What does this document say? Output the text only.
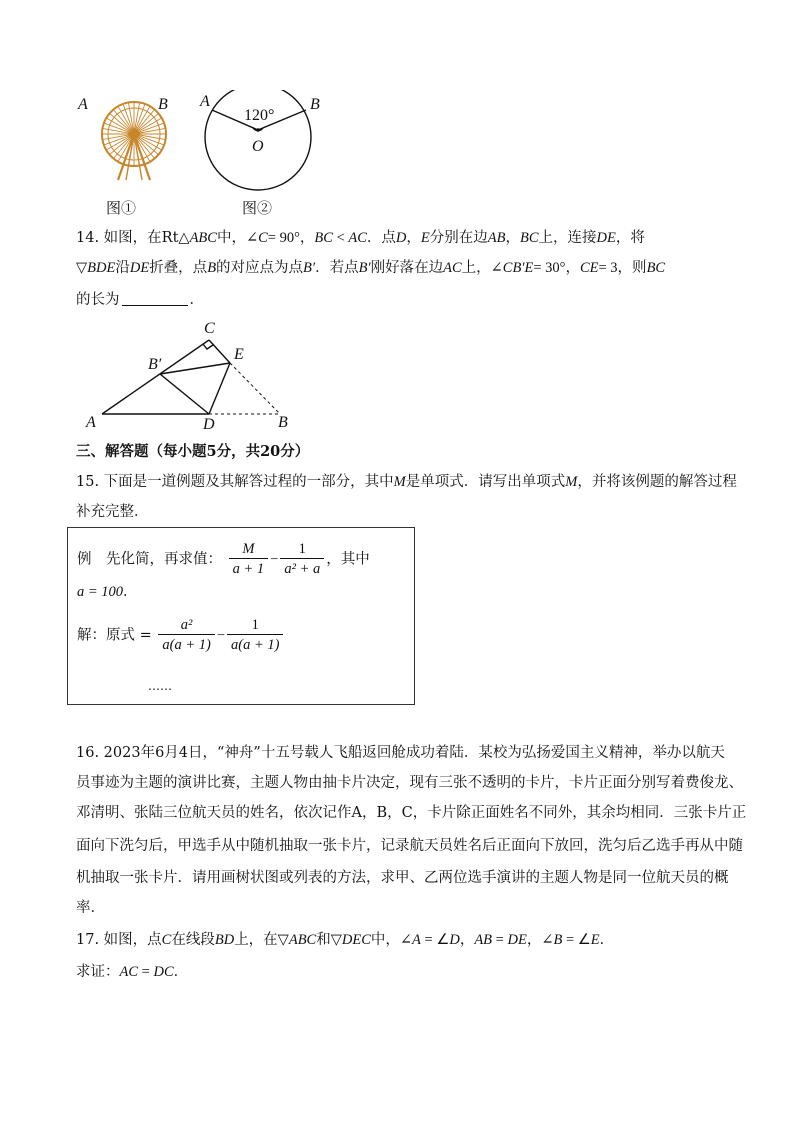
A	B
图①
A	B
120°
O
图②
14. 如图，在Rt△ABC中，∠C= 90°，BC < AC．点D，E分别在边AB，BC上，连接DE，将
▽BDE沿DE折叠，点B的对应点为点B′．若点B′刚好落在边AC上，∠CB′E= 30°，CE= 3，则BC
的长为	．
A	D	B
C
E
B′
三、解答题（每小题5分，共20分）
15. 下面是一道例题及其解答过程的一部分，其中M是单项式．请写出单项式M，并将该例题的解答过程
补充完整．
例　先化简，再求值： $\frac{M}{a + 1} - \frac{1}{\text{a² + a}}$ ，其中
a = 100．
解：原式 = $\frac{\text{a²}}{a(a + 1)} - \frac{1}{a(a + 1)}$
……
16. 2023年6月4日，“神舟”十五号载人飞船返回舱成功着陆．某校为弘扬爱国主义精神，举办以航天
员事迹为主题的演讲比赛，主题人物由抽卡片决定，现有三张不透明的卡片，卡片正面分别写着费俊龙、
邓清明、张陆三位航天员的姓名，依次记作A，B，C，卡片除正面姓名不同外，其余均相同．三张卡片正
面向下洗匀后，甲选手从中随机抽取一张卡片，记录航天员姓名后正面向下放回，洗匀后乙选手再从中随
机抽取一张卡片．请用画树状图或列表的方法，求甲、乙两位选手演讲的主题人物是同一位航天员的概
率．
17. 如图，点C在线段BD上，在▽ABC和▽DEC中，∠A = ∠D，AB = DE，∠B = ∠E．
求证：AC = DC．
